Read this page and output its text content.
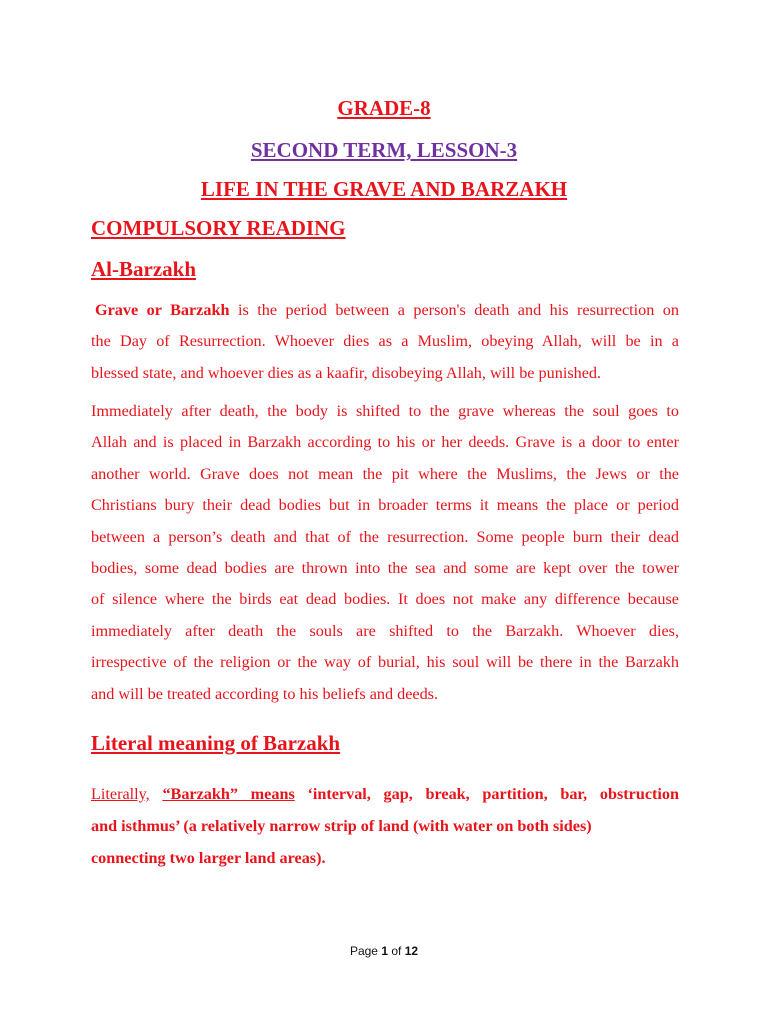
GRADE-8
SECOND TERM, LESSON-3
LIFE IN THE GRAVE AND BARZAKH
COMPULSORY READING
Al-Barzakh
Grave or Barzakh is the period between a person's death and his resurrection on
the Day of Resurrection. Whoever dies as a Muslim, obeying Allah, will be in a
blessed state, and whoever dies as a kaafir, disobeying Allah, will be punished.
Immediately after death, the body is shifted to the grave whereas the soul goes to
Allah and is placed in Barzakh according to his or her deeds. Grave is a door to enter
another world. Grave does not mean the pit where the Muslims, the Jews or the
Christians bury their dead bodies but in broader terms it means the place or period
between a person’s death and that of the resurrection. Some people burn their dead
bodies, some dead bodies are thrown into the sea and some are kept over the tower
of silence where the birds eat dead bodies. It does not make any difference because
immediately after death the souls are shifted to the Barzakh. Whoever dies,
irrespective of the religion or the way of burial, his soul will be there in the Barzakh
and will be treated according to his beliefs and deeds.
Literal meaning of Barzakh
Literally, “Barzakh” means ‘interval, gap, break, partition, bar, obstruction
and isthmus’ (a relatively narrow strip of land (with water on both sides)
connecting two larger land areas).
Page 1 of 12
